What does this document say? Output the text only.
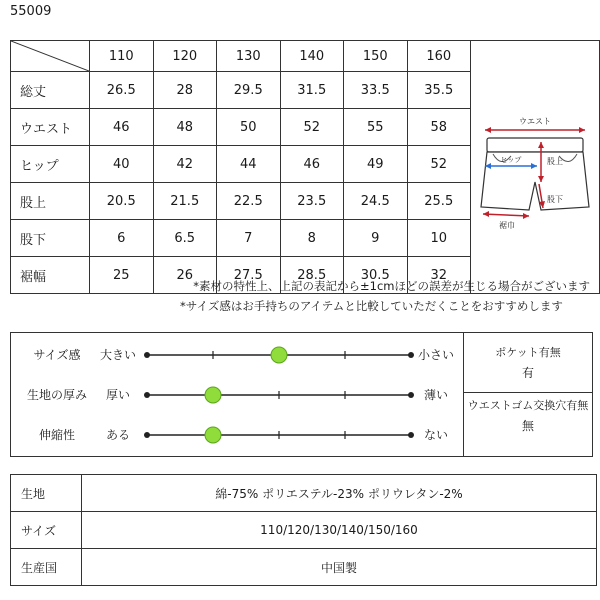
55009
	110	120	130	140	150	160	ウエスト
ヒップ 股上
股下
裾巾

総丈	26.5	28	29.5	31.5	33.5	35.5	
ウエスト	46	48	50	52	55	58	
ヒップ	40	42	44	46	49	52	
股上	20.5	21.5	22.5	23.5	24.5	25.5	
股下	6	6.5	7	8	9	10	
裾幅	25	26	27.5	28.5	30.5	32	
*素材の特性上、上記の表記から±1cmほどの誤差が生じる場合がございます
*サイズ感はお手持ちのアイテムと比較していただくことをおすすめします
サイズ感	大きい	小さい
生地の厚み	厚い	薄い
伸縮性	ある	ない

ポケット有無
有

ウエストゴム交換穴有無
無
生地	綿-75% ポリエステル-23% ポリウレタン-2%
サイズ	110/120/130/140/150/160
生産国	中国製
